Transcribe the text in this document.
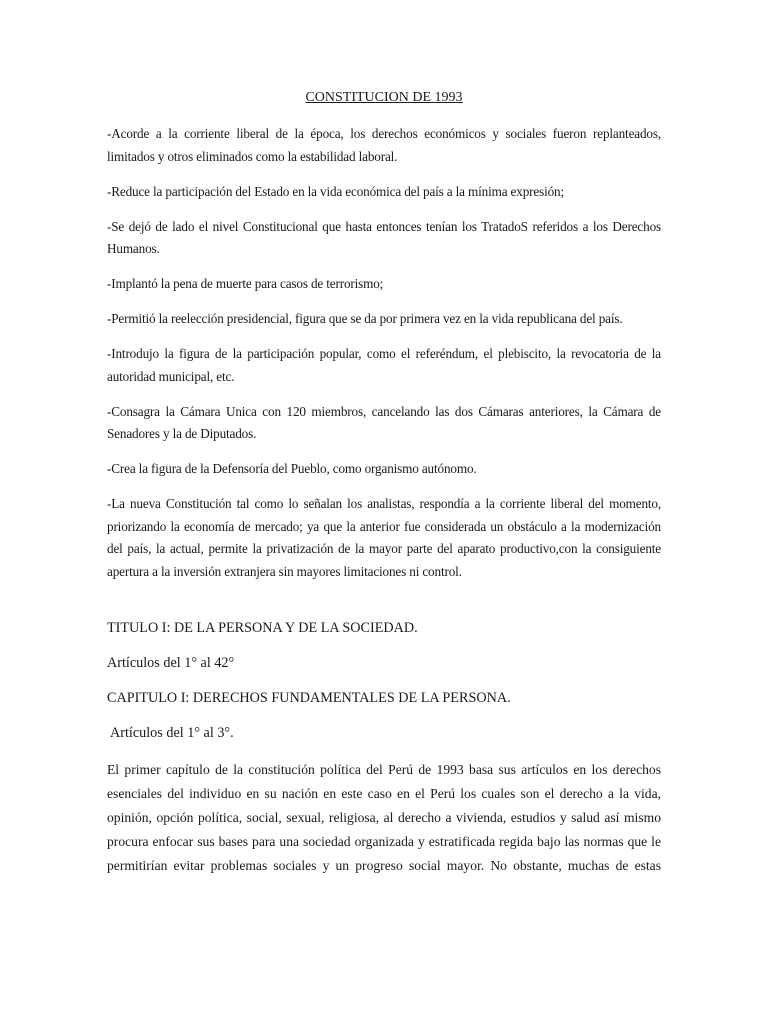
CONSTITUCION DE 1993

-Acorde a la corriente liberal de la época, los derechos económicos y sociales fueron replanteados, limitados y otros eliminados como la estabilidad laboral.

-Reduce la participación del Estado en la vida económica del país a la mínima expresión;

-Se dejó de lado el nivel Constitucional que hasta entonces tenían los TratadoS referidos a los Derechos Humanos.

-Implantó la pena de muerte para casos de terrorismo;

-Permitió la reelección presidencial, figura que se da por primera vez en la vida republicana del país.

-Introdujo la figura de la participación popular, como el referéndum, el plebiscito, la revocatoria de la autoridad municipal, etc.

-Consagra la Cámara Unica con 120 miembros, cancelando las dos Cámaras anteriores, la Cámara de Senadores y la de Diputados.

-Crea la figura de la Defensoría del Pueblo, como organismo autónomo.

-La nueva Constitución tal como lo señalan los analistas, respondía a la corriente liberal del momento, priorizando la economía de mercado; ya que la anterior fue considerada un obstáculo a la modernización del país, la actual, permite la privatización de la mayor parte del aparato productivo,con la consiguiente apertura a la inversión extranjera sin mayores limitaciones ni control.

TITULO I: DE LA PERSONA Y DE LA SOCIEDAD.
Artículos del 1° al 42°
CAPITULO I: DERECHOS FUNDAMENTALES DE LA PERSONA.
Artículos del 1° al 3°.

El primer capítulo de la constitución política del Perú de 1993 basa sus artículos en los derechos esenciales del individuo en su nación en este caso en el Perú los cuales son el derecho a la vida, opinión, opción política, social, sexual, religiosa, al derecho a vivienda, estudios y salud así mismo procura enfocar sus bases para una sociedad organizada y estratificada regida bajo las normas que le permitirían evitar problemas sociales y un progreso social mayor. No obstante, muchas de estas
